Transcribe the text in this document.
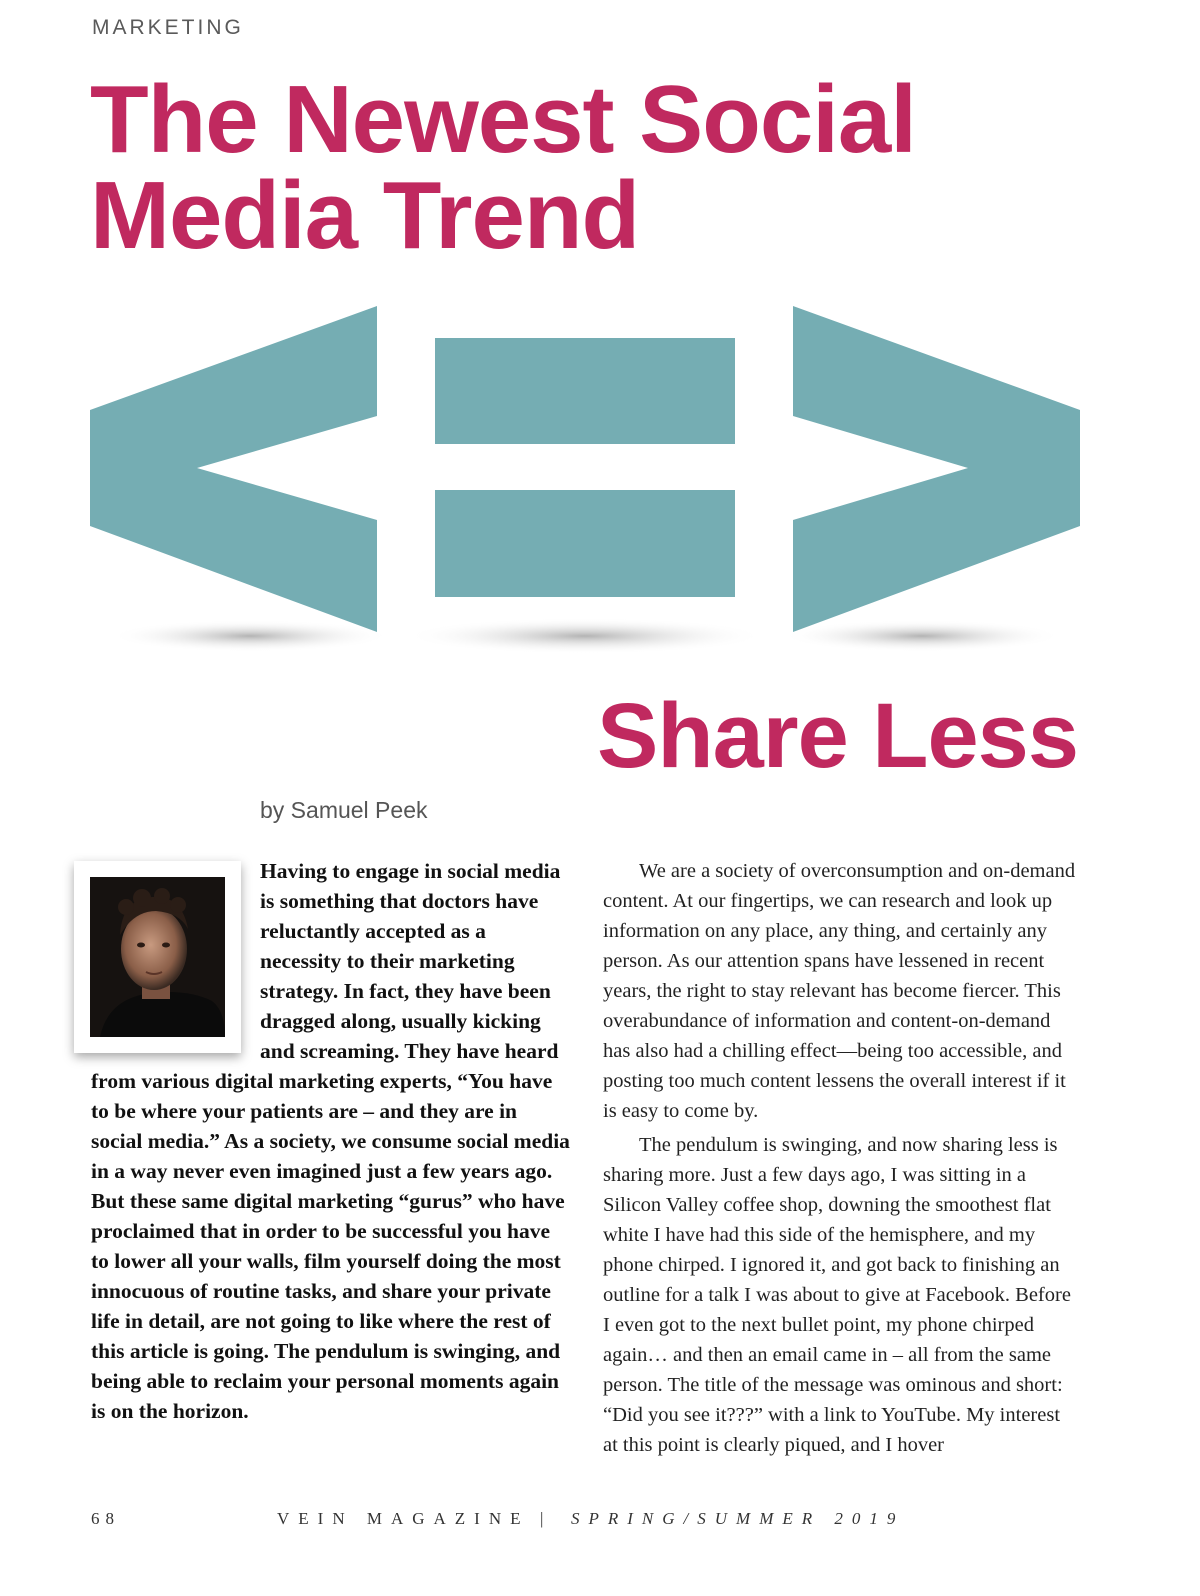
MARKETING
The Newest Social
Media Trend
Share Less
by Samuel Peek
Having to engage in social media is something that doctors have reluctantly accepted as a necessity to their marketing strategy. In fact, they have been dragged along, usually kicking and screaming. They have heard from various digital marketing experts, “You have to be where your patients are – and they are in social media.” As a society, we consume social media in a way never even imagined just a few years ago. But these same digital marketing “gurus” who have proclaimed that in order to be successful you have to lower all your walls, film yourself doing the most innocuous of routine tasks, and share your private life in detail, are not going to like where the rest of this article is going. The pendulum is swinging, and being able to reclaim your personal moments again is on the horizon.

We are a society of overconsumption and on-demand content. At our fingertips, we can research and look up information on any place, any thing, and certainly any person. As our attention spans have lessened in recent years, the right to stay relevant has become fiercer. This overabundance of information and content-on-demand has also had a chilling effect—being too accessible, and posting too much content lessens the overall interest if it is easy to come by.

The pendulum is swinging, and now sharing less is sharing more. Just a few days ago, I was sitting in a Silicon Valley coffee shop, downing the smoothest flat white I have had this side of the hemisphere, and my phone chirped. I ignored it, and got back to finishing an outline for a talk I was about to give at Facebook. Before I even got to the next bullet point, my phone chirped again… and then an email came in – all from the same person. The title of the message was ominous and short: “Did you see it???” with a link to YouTube. My interest at this point is clearly piqued, and I hover

68	VEIN MAGAZINE | SPRING/SUMMER 2019
